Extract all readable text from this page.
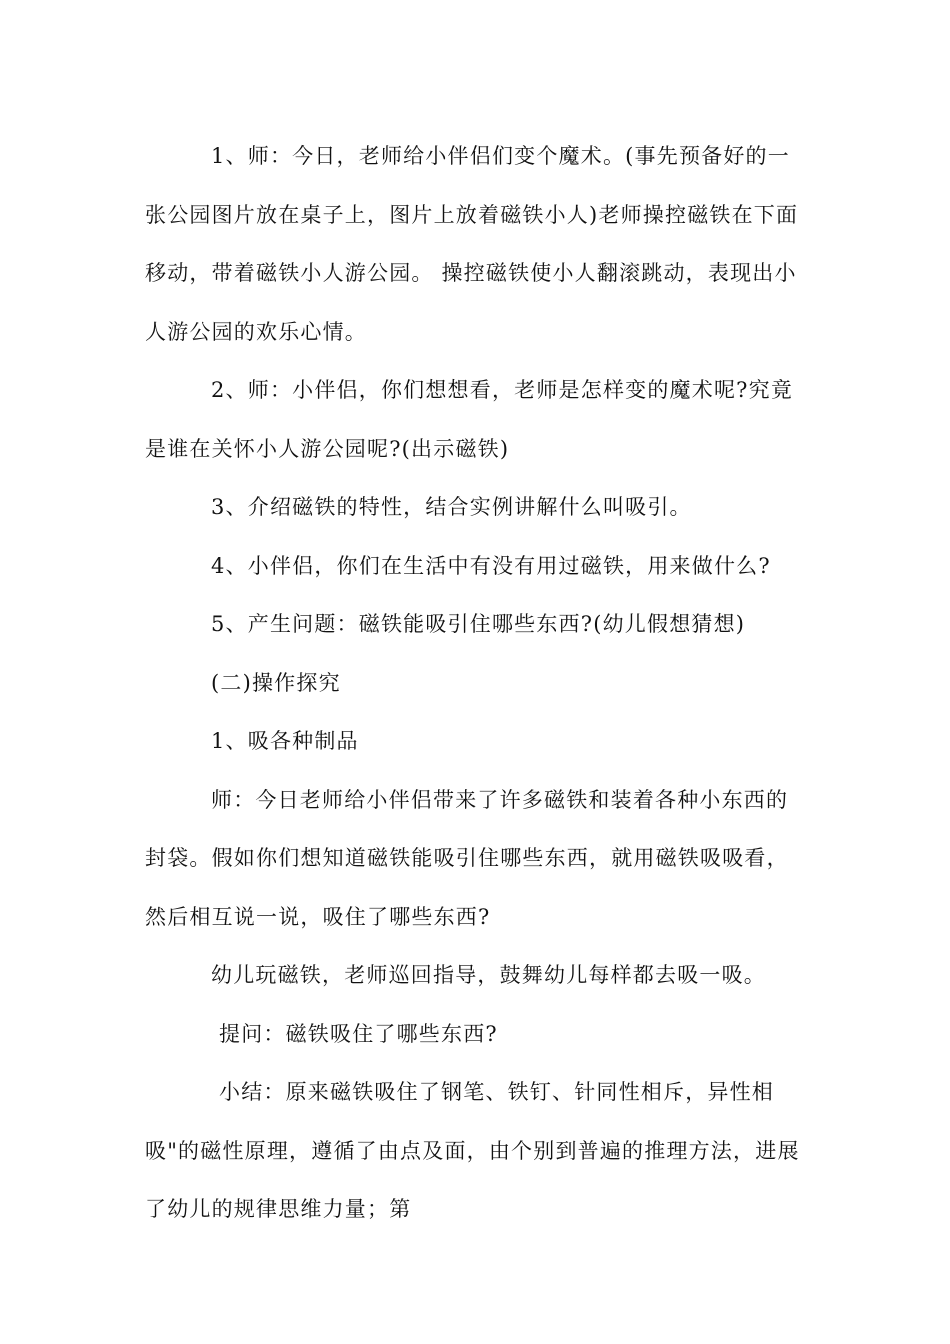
1、师：今日，老师给小伴侣们变个魔术。(事先预备好的一张公园图片放在桌子上，图片上放着磁铁小人)老师操控磁铁在下面移动，带着磁铁小人游公园。 操控磁铁使小人翻滚跳动，表现出小人游公园的欢乐心情。

2、师：小伴侣，你们想想看，老师是怎样变的魔术呢?究竟是谁在关怀小人游公园呢?(出示磁铁)

3、介绍磁铁的特性，结合实例讲解什么叫吸引。

4、小伴侣，你们在生活中有没有用过磁铁，用来做什么?

5、产生问题：磁铁能吸引住哪些东西?(幼儿假想猜想)

(二)操作探究

1、吸各种制品

师：今日老师给小伴侣带来了许多磁铁和装着各种小东西的封袋。假如你们想知道磁铁能吸引住哪些东西，就用磁铁吸吸看，然后相互说一说，吸住了哪些东西?

幼儿玩磁铁，老师巡回指导，鼓舞幼儿每样都去吸一吸。

提问：磁铁吸住了哪些东西?

小结：原来磁铁吸住了钢笔、铁钉、针同性相斥，异性相吸"的磁性原理，遵循了由点及面，由个别到普遍的推理方法，进展了幼儿的规律思维力量；第
